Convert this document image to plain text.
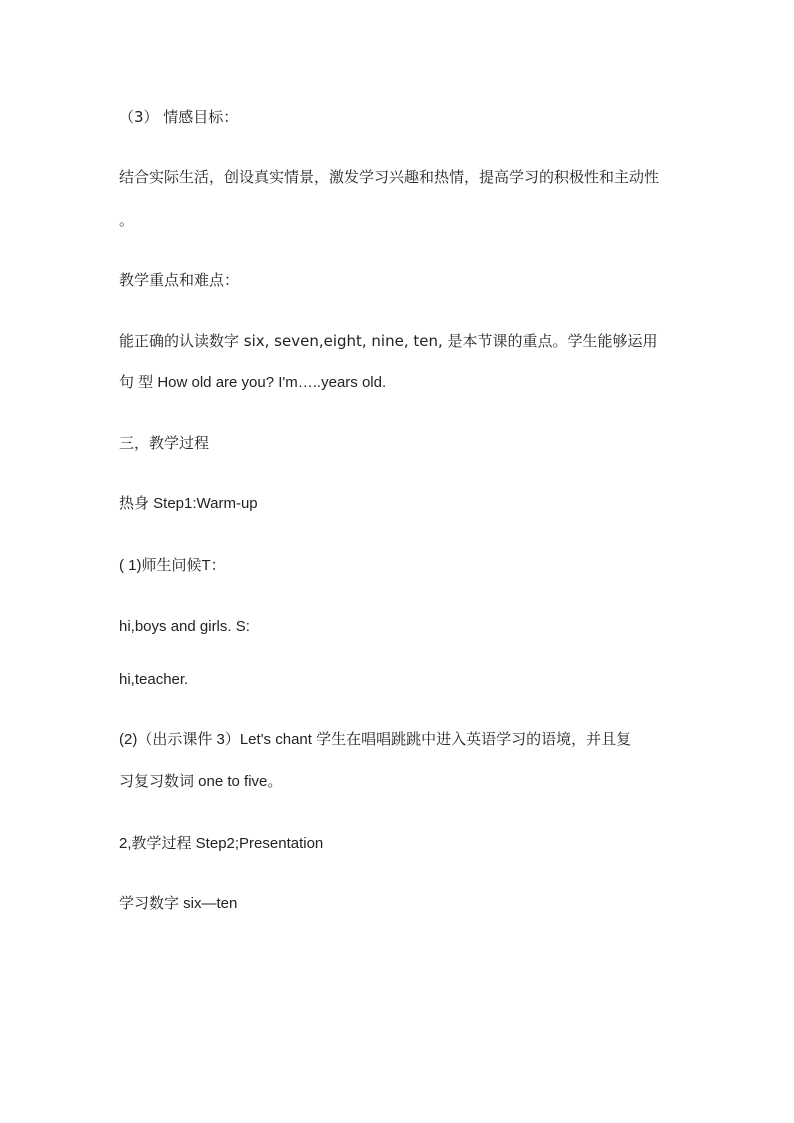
（3） 情感目标：
结合实际生活，创设真实情景，激发学习兴趣和热情，提高学习的积极性和主动性
。
教学重点和难点：
能正确的认读数字 six, seven,eight, nine, ten, 是本节课的重点。学生能够运用
句 型 How old are you? I'm…..years old.
三，教学过程
热身 Step1:Warm-up
( 1)师生问候T：
hi,boys and girls. S:
hi,teacher.
(2)（出示课件 3）Let's chant 学生在唱唱跳跳中进入英语学习的语境，并且复
习复习数词 one to five。
2,教学过程 Step2;Presentation
学习数字 six—ten
